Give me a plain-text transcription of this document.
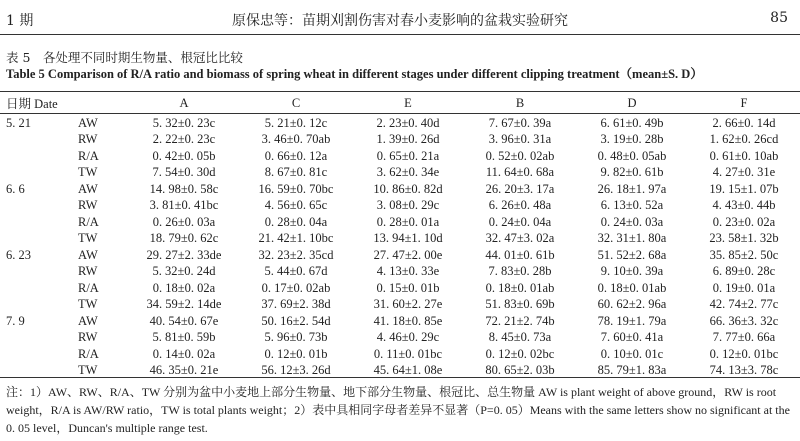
1 期	原保忠等：苗期刈割伤害对春小麦影响的盆栽实验研究	85
表 5　各处理不同时期生物量、根冠比比较
Table 5 Comparison of R/A ratio and biomass of spring wheat in different stages under different clipping treatment（mean±S. D）
日期 Date		A	C	E	B	D	F
5. 21	AW	5. 32±0. 23c	5. 21±0. 12c	2. 23±0. 40d	7. 67±0. 39a	6. 61±0. 49b	2. 66±0. 14d
	RW	2. 22±0. 23c	3. 46±0. 70ab	1. 39±0. 26d	3. 96±0. 31a	3. 19±0. 28b	1. 62±0. 26cd
	R/A	0. 42±0. 05b	0. 66±0. 12a	0. 65±0. 21a	0. 52±0. 02ab	0. 48±0. 05ab	0. 61±0. 10ab
	TW	7. 54±0. 30d	8. 67±0. 81c	3. 62±0. 34e	11. 64±0. 68a	9. 82±0. 61b	4. 27±0. 31e
6. 6	AW	14. 98±0. 58c	16. 59±0. 70bc	10. 86±0. 82d	26. 20±3. 17a	26. 18±1. 97a	19. 15±1. 07b
	RW	3. 81±0. 41bc	4. 56±0. 65c	3. 08±0. 29c	6. 26±0. 48a	6. 13±0. 52a	4. 43±0. 44b
	R/A	0. 26±0. 03a	0. 28±0. 04a	0. 28±0. 01a	0. 24±0. 04a	0. 24±0. 03a	0. 23±0. 02a
	TW	18. 79±0. 62c	21. 42±1. 10bc	13. 94±1. 10d	32. 47±3. 02a	32. 31±1. 80a	23. 58±1. 32b
6. 23	AW	29. 27±2. 33de	32. 23±2. 35cd	27. 47±2. 00e	44. 01±0. 61b	51. 52±2. 68a	35. 85±2. 50c
	RW	5. 32±0. 24d	5. 44±0. 67d	4. 13±0. 33e	7. 83±0. 28b	9. 10±0. 39a	6. 89±0. 28c
	R/A	0. 18±0. 02a	0. 17±0. 02ab	0. 15±0. 01b	0. 18±0. 01ab	0. 18±0. 01ab	0. 19±0. 01a
	TW	34. 59±2. 14de	37. 69±2. 38d	31. 60±2. 27e	51. 83±0. 69b	60. 62±2. 96a	42. 74±2. 77c
7. 9	AW	40. 54±0. 67e	50. 16±2. 54d	41. 18±0. 85e	72. 21±2. 74b	78. 19±1. 79a	66. 36±3. 32c
	RW	5. 81±0. 59b	5. 96±0. 73b	4. 46±0. 29c	8. 45±0. 73a	7. 60±0. 41a	7. 77±0. 66a
	R/A	0. 14±0. 02a	0. 12±0. 01b	0. 11±0. 01bc	0. 12±0. 02bc	0. 10±0. 01c	0. 12±0. 01bc
	TW	46. 35±0. 21e	56. 12±3. 26d	45. 64±1. 08e	80. 65±2. 03b	85. 79±1. 83a	74. 13±3. 78c
注：1）AW、RW、R/A、TW 分别为盆中小麦地上部分生物量、地下部分生物量、根冠比、总生物量 AW is plant weight of above ground，RW is root weight，R/A is AW/RW ratio，TW is total plants weight；2）表中具相同字母者差异不显著（P=0. 05）Means with the same letters show no significant at the 0. 05 level，Duncan's multiple range test.
